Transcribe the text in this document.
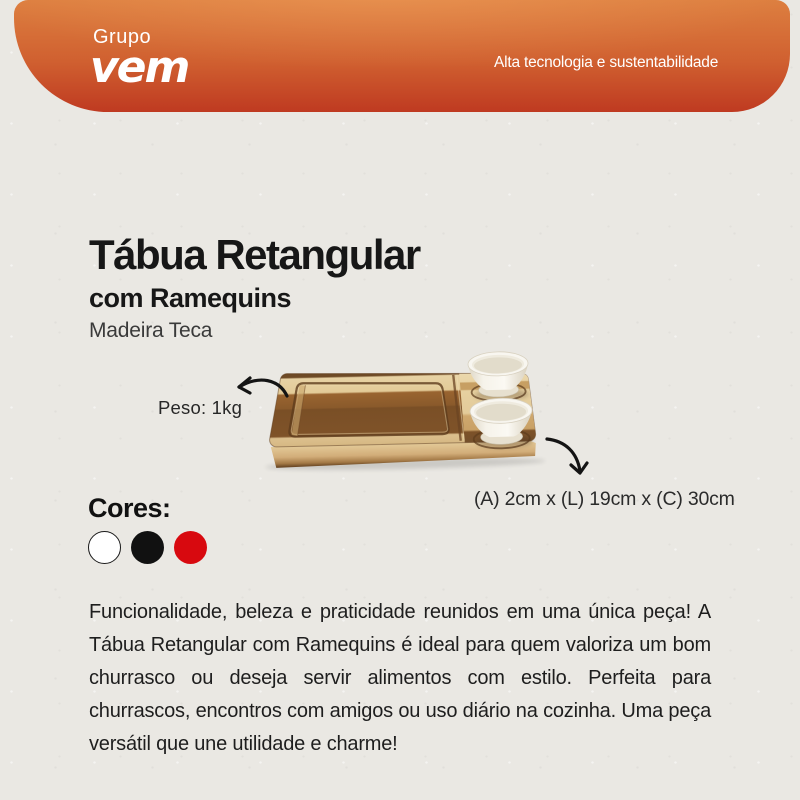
Grupo
vem	Alta tecnologia e sustentabilidade
Tábua Retangular
com Ramequins
Madeira Teca
Peso: 1kg
(A) 2cm x (L) 19cm x (C) 30cm
Cores:

Funcionalidade, beleza e praticidade reunidos em uma única peça! A Tábua Retangular com Ramequins é ideal para quem valoriza um bom churrasco ou deseja servir alimentos com estilo. Perfeita para churrascos, encontros com amigos ou uso diário na cozinha. Uma peça versátil que une utilidade e charme!
